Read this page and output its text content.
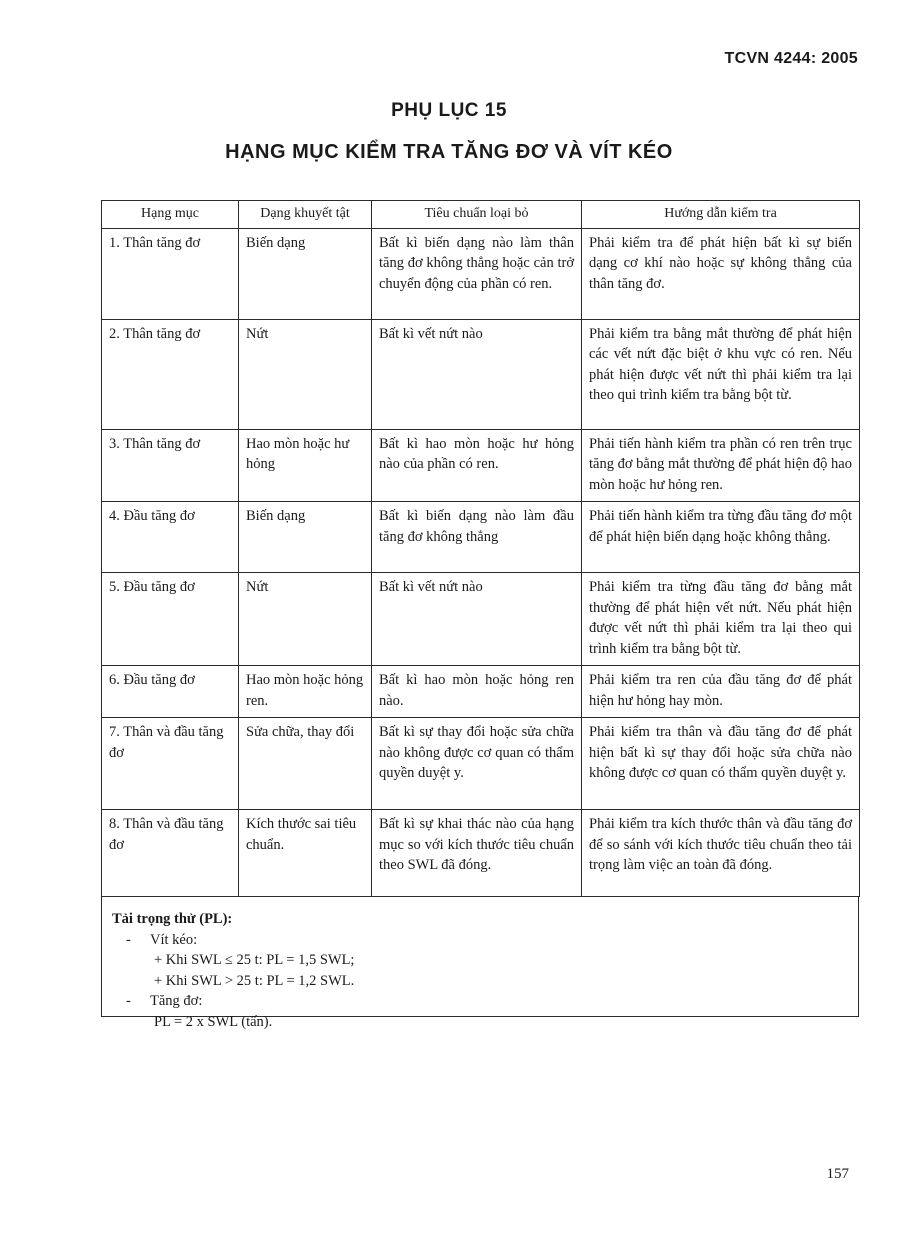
TCVN 4244: 2005
PHỤ LỤC 15
HẠNG MỤC KIỂM TRA TĂNG ĐƠ VÀ VÍT KÉO
Hạng mục	Dạng khuyết tật	Tiêu chuẩn loại bỏ	Hướng dẫn kiểm tra
1. Thân tăng đơ	Biến dạng	Bất kì biến dạng nào làm thân tăng đơ không thẳng hoặc cản trở chuyển động của phần có ren.	Phải kiểm tra để phát hiện bất kì sự biến dạng cơ khí nào hoặc sự không thẳng của thân tăng đơ.
2. Thân tăng đơ	Nứt	Bất kì vết nứt nào	Phải kiểm tra bằng mắt thường để phát hiện các vết nứt đặc biệt ở khu vực có ren. Nếu phát hiện được vết nứt thì phải kiểm tra lại theo qui trình kiểm tra bằng bột từ.
3. Thân tăng đơ	Hao mòn hoặc hư hỏng	Bất kì hao mòn hoặc hư hỏng nào của phần có ren.	Phải tiến hành kiểm tra phần có ren trên trục tăng đơ bằng mắt thường để phát hiện độ hao mòn hoặc hư hỏng ren.
4. Đầu tăng đơ	Biến dạng	Bất kì biến dạng nào làm đầu tăng đơ không thẳng	Phải tiến hành kiểm tra từng đầu tăng đơ một để phát hiện biến dạng hoặc không thẳng.
5. Đầu tăng đơ	Nứt	Bất kì vết nứt nào	Phải kiểm tra từng đầu tăng đơ bằng mắt thường để phát hiện vết nứt. Nếu phát hiện được vết nứt thì phải kiểm tra lại theo qui trình kiểm tra bằng bột từ.
6. Đầu tăng đơ	Hao mòn hoặc hỏng ren.	Bất kì hao mòn hoặc hỏng ren nào.	Phải kiểm tra ren của đầu tăng đơ để phát hiện hư hỏng hay mòn.
7. Thân và đầu tăng đơ	Sửa chữa, thay đổi	Bất kì sự thay đổi hoặc sửa chữa nào không được cơ quan có thẩm quyền duyệt y.	Phải kiểm tra thân và đầu tăng đơ để phát hiện bất kì sự thay đổi hoặc sửa chữa nào không được cơ quan có thẩm quyền duyệt y.
8. Thân và đầu tăng đơ	Kích thước sai tiêu chuẩn.	Bất kì sự khai thác nào của hạng mục so với kích thước tiêu chuẩn theo SWL đã đóng.	Phải kiểm tra kích thước thân và đầu tăng đơ để so sánh với kích thước tiêu chuẩn theo tải trọng làm việc an toàn đã đóng.
Tải trọng thử (PL):
-	Vít kéo:
+ Khi SWL ≤ 25 t: PL = 1,5 SWL;
+ Khi SWL > 25 t: PL = 1,2 SWL.
-	Tăng đơ:
PL = 2 x SWL (tấn).
157
